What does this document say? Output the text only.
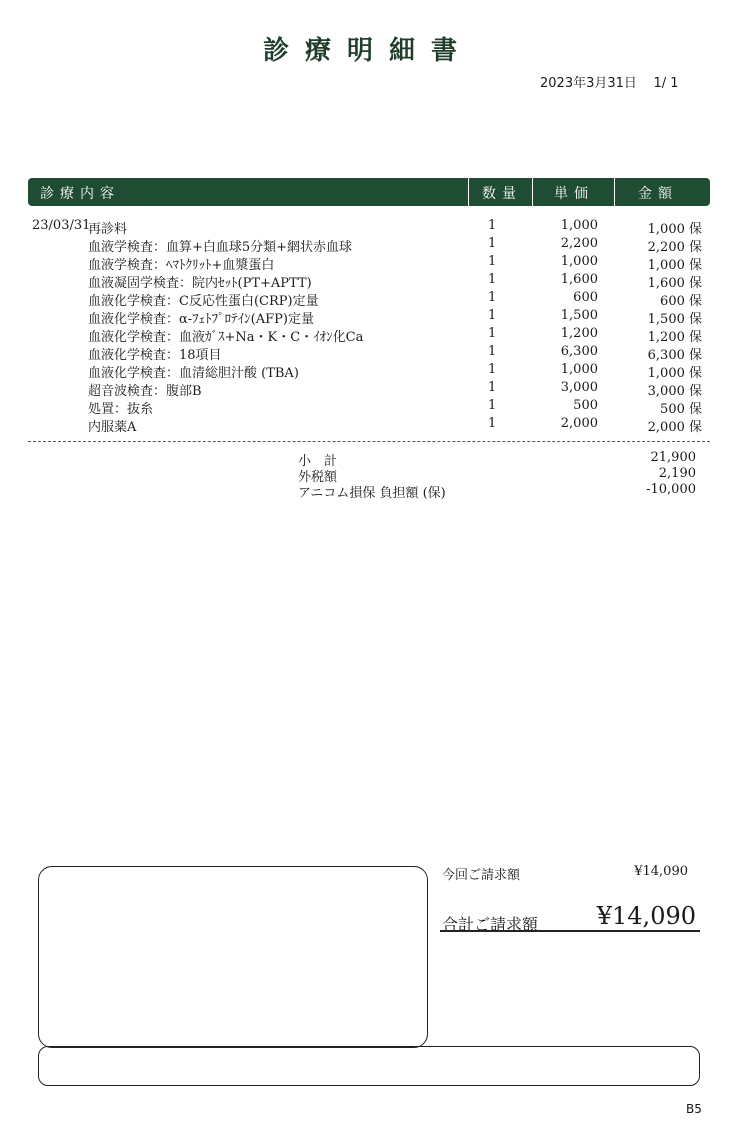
診療明細書
2023年3月31日 1/ 1
診療内容	数量 単価	金額
23/03/31
再診料	1	1,000	1,000 保
血液学検査：血算+白血球5分類+網状赤血球	1	2,200	2,200 保
血液学検査：ﾍﾏﾄｸﾘｯﾄ+血漿蛋白	1	1,000	1,000 保
血液凝固学検査：院内ｾｯﾄ(PT+APTT)	1	1,600	1,600 保
血液化学検査：C反応性蛋白(CRP)定量	1	600	600 保
血液化学検査：α-ﾌｪﾄﾌﾟﾛﾃｲﾝ(AFP)定量	1	1,500	1,500 保
血液化学検査：血液ｶﾞｽ+Na・K・C・ｲｵﾝ化Ca	1	1,200	1,200 保
血液化学検査：18項目	1	6,300	6,300 保
血液化学検査：血清総胆汁酸 (TBA)	1	1,000	1,000 保
超音波検査：腹部B	1	3,000	3,000 保
処置：抜糸	1	500	500 保
内服薬A	1	2,000	2,000 保
小　計	21,900
外税額	2,190
アニコム損保 負担額 (保)	-10,000
今回ご請求額	¥14,090
合計ご請求額 ¥14,090
B5
